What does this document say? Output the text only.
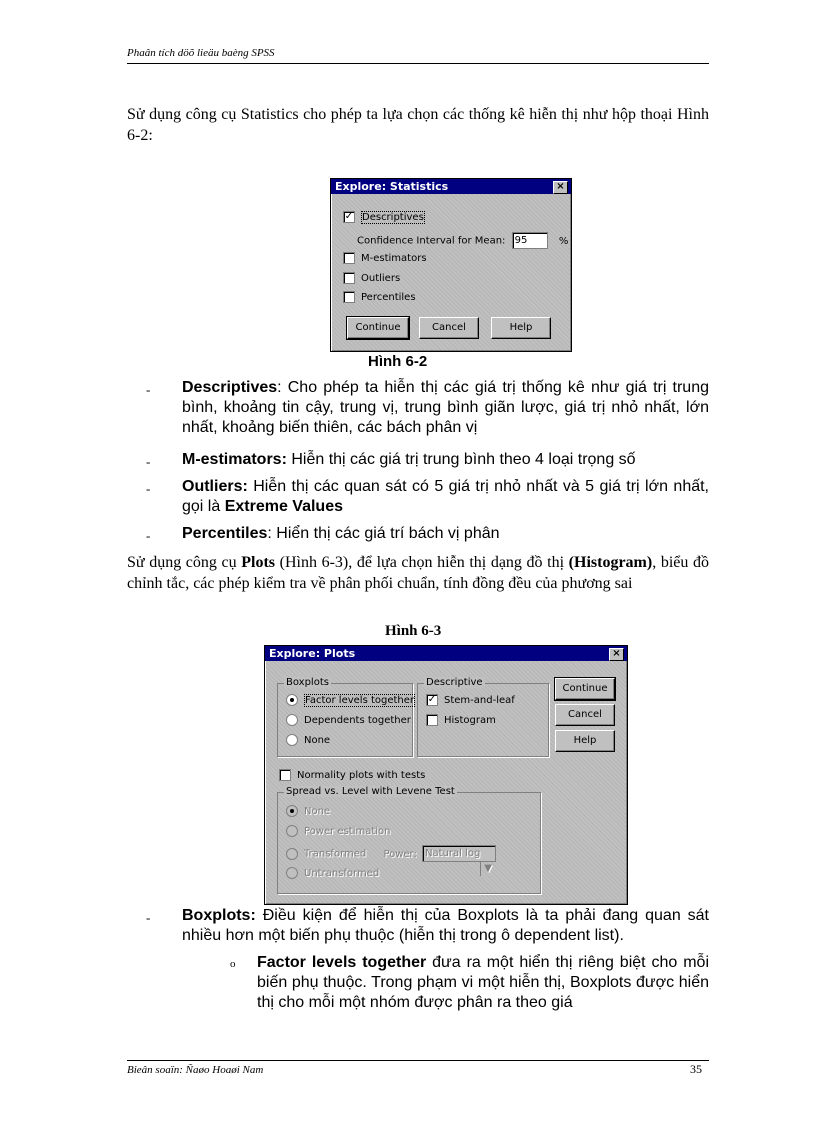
Phaân tích döõ lieäu baèng SPSS
Sử dụng công cụ Statistics cho phép ta lựa chọn các thống kê hiễn thị như hộp thoại Hình 6-2:
Explore: Statistics	×
✓ Descriptives
Confidence Interval for Mean: 95	%
M-estimators
Outliers
Percentiles
Continue	Cancel	Help
Hình 6-2
- Descriptives: Cho phép ta hiễn thị các giá trị thống kê như giá trị trung bình, khoảng tin cậy, trung vị, trung bình giãn lược, giá trị nhỏ nhất, lớn nhất, khoảng biến thiên, các bách phân vị
- M-estimators: Hiễn thị các giá trị trung bình theo 4 loại trọng số
- Outliers: Hiễn thị các quan sát có 5 giá trị nhỏ nhất và 5 giá trị lớn nhất, gọi là Extreme Values
- Percentiles: Hiển thị các giá trí bách vị phân
Sử dụng công cụ Plots (Hình 6-3), để lựa chọn hiễn thị dạng đồ thị (Histogram), biểu đồ chỉnh tắc, các phép kiểm tra về phân phối chuẩn, tính đồng đều của phương sai
Hình 6-3
Explore: Plots	×
Boxplots
Factor levels together
Dependents together
None
Descriptive
✓ Stem-and-leaf
Histogram
Continue
Cancel
Help
Normality plots with tests
Spread vs. Level with Levene Test
None
Power estimation
Transformed Power: Natural log
▼
Untransformed
- Boxplots: Điều kiện để hiễn thị của Boxplots là ta phải đang quan sát nhiều hơn một biến phụ thuộc (hiễn thị trong ô dependent list).
o Factor levels together đưa ra một hiển thị riêng biệt cho mỗi biến phụ thuộc. Trong phạm vi một hiễn thị, Boxplots được hiển thị cho mỗi một nhóm được phân ra theo giá
Bieân soaïn: Ñaøo Hoaøi Nam	35
